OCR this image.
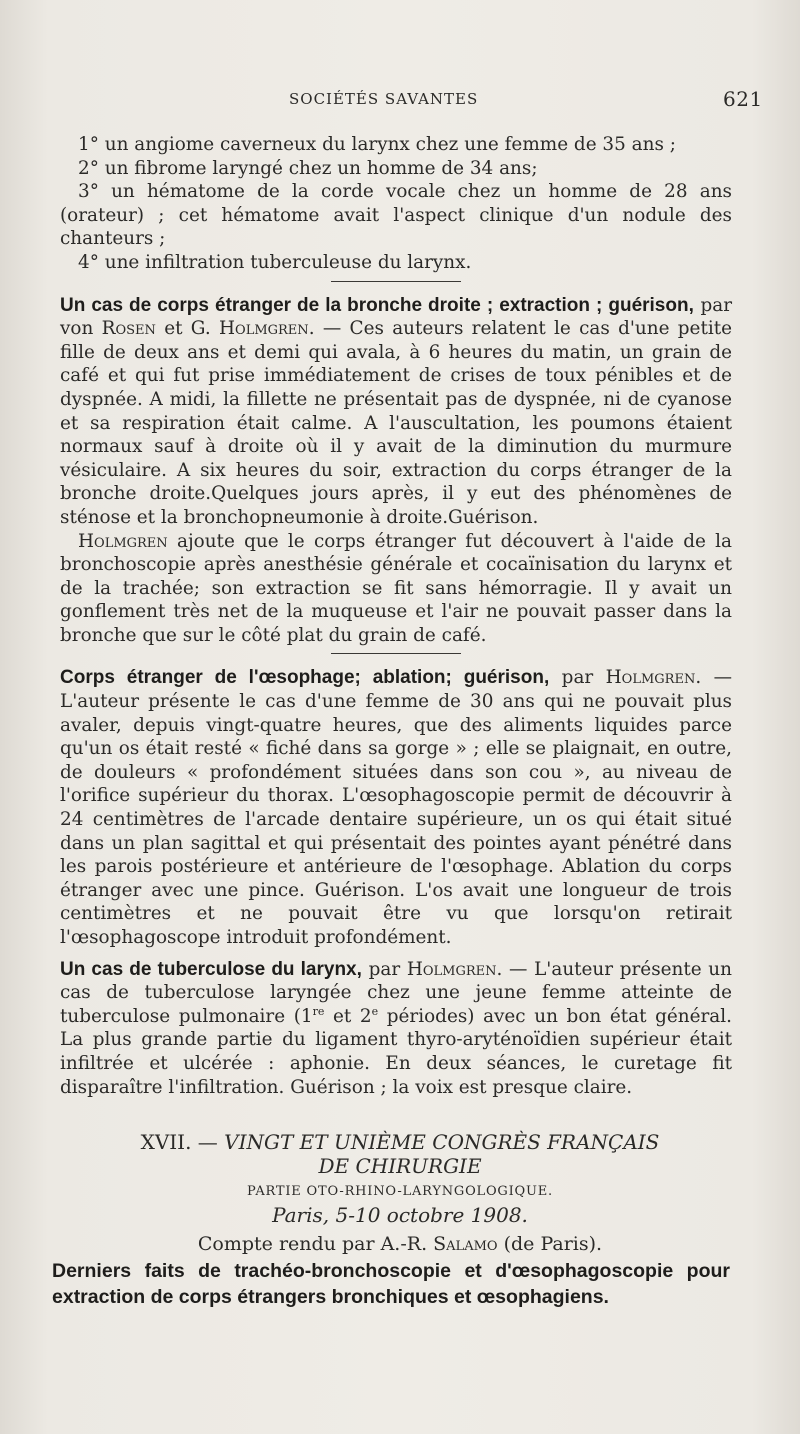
SOCIÉTÉS SAVANTES	621

1° un angiome caverneux du larynx chez une femme de 35 ans ;

2° un fibrome laryngé chez un homme de 34 ans;

3° un hématome de la corde vocale chez un homme de 28 ans (orateur) ; cet hématome avait l'aspect clinique d'un nodule des chanteurs ;

4° une infiltration tuberculeuse du larynx.

Un cas de corps étranger de la bronche droite ; extraction ; guérison, par von Rosen et G. Holmgren. — Ces auteurs relatent le cas d'une petite fille de deux ans et demi qui avala, à 6 heures du matin, un grain de café et qui fut prise immédiatement de crises de toux pénibles et de dyspnée. A midi, la fillette ne présentait pas de dyspnée, ni de cyanose et sa respiration était calme. A l'auscultation, les poumons étaient normaux sauf à droite où il y avait de la diminution du murmure vésiculaire. A six heures du soir, extraction du corps étranger de la bronche droite.Quelques jours après, il y eut des phénomènes de sténose et la bronchopneumonie à droite.Guérison.

Holmgren ajoute que le corps étranger fut découvert à l'aide de la bronchoscopie après anesthésie générale et cocaïnisation du larynx et de la trachée; son extraction se fit sans hémorragie. Il y avait un gonflement très net de la muqueuse et l'air ne pouvait passer dans la bronche que sur le côté plat du grain de café.

Corps étranger de l'œsophage; ablation; guérison, par Holmgren. — L'auteur présente le cas d'une femme de 30 ans qui ne pouvait plus avaler, depuis vingt-quatre heures, que des aliments liquides parce qu'un os était resté « fiché dans sa gorge » ; elle se plaignait, en outre, de douleurs « profondément situées dans son cou », au niveau de l'orifice supérieur du thorax. L'œsophagoscopie permit de découvrir à 24 centimètres de l'arcade dentaire supérieure, un os qui était situé dans un plan sagittal et qui présentait des pointes ayant pénétré dans les parois postérieure et antérieure de l'œsophage. Ablation du corps étranger avec une pince. Guérison. L'os avait une longueur de trois centimètres et ne pouvait être vu que lorsqu'on retirait l'œsophagoscope introduit profondément.

Un cas de tuberculose du larynx, par Holmgren. — L'auteur présente un cas de tuberculose laryngée chez une jeune femme atteinte de tuberculose pulmonaire (1re et 2e périodes) avec un bon état général. La plus grande partie du ligament thyro-aryténoïdien supérieur était infiltrée et ulcérée : aphonie. En deux séances, le curetage fit disparaître l'infiltration. Guérison ; la voix est presque claire.

XVII. — VINGT ET UNIÈME CONGRÈS FRANÇAIS
DE CHIRURGIE
PARTIE OTO-RHINO-LARYNGOLOGIQUE.
Paris, 5-10 octobre 1908.
Compte rendu par A.-R. Salamo (de Paris).
Derniers faits de trachéo-bronchoscopie et d'œsophagoscopie pour extraction de corps étrangers bronchiques et œsophagiens.
